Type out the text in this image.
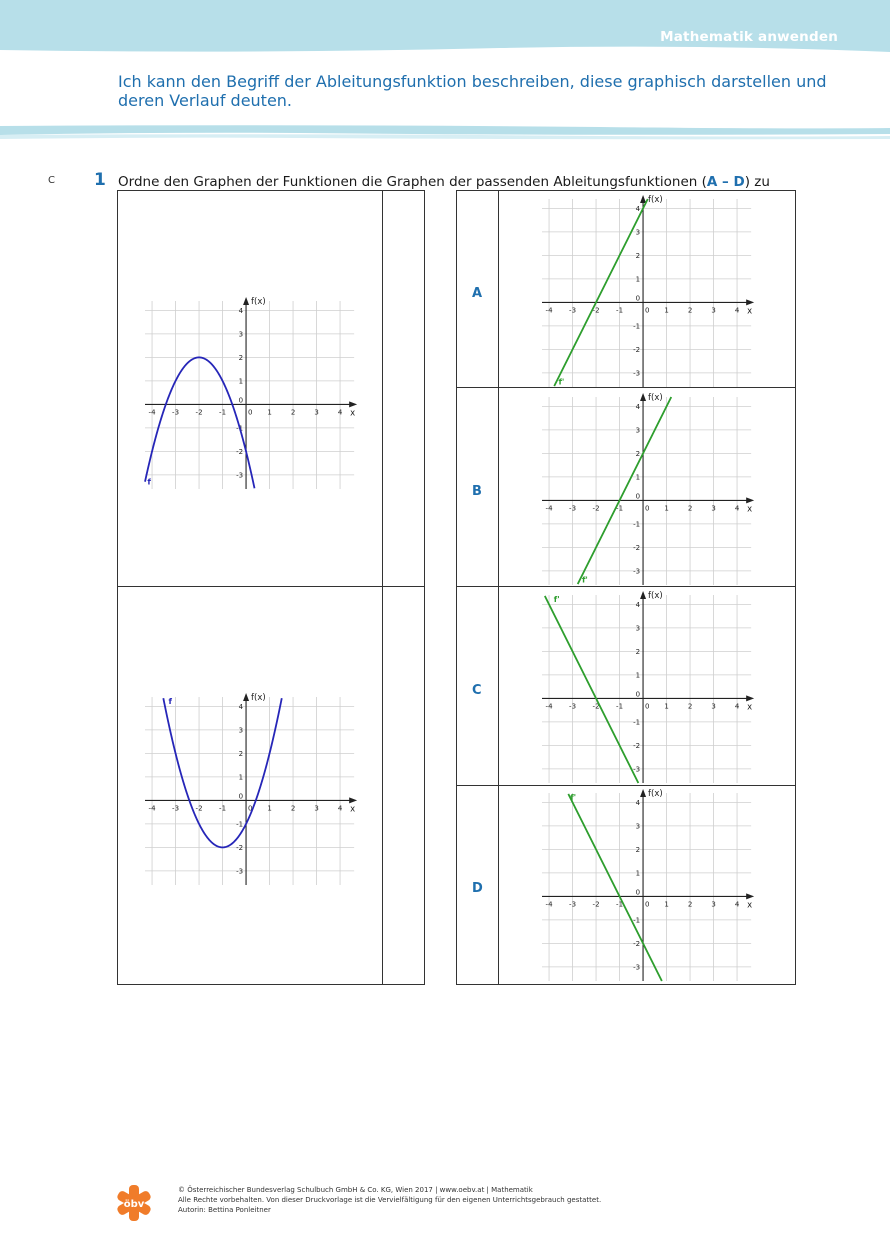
Mathematik anwenden
Ich kann den Begriff der Ableitungsfunktion beschreiben, diese graphisch darstellen und deren Verlauf deuten.
C 1 Ordne den Graphen der Funktionen die Graphen der passenden Ableitungsfunktionen (A – D) zu
A
B
C
D
-4 -3 -2 -1	0 1	2	3	4
4
3
2
1
-1
-2
-3
0
f(x)
x
f
-4 -3 -2 -1	0 1	2	3	4
4
3
2
1
-1
-2
-3
0
f(x)
x
f
-4 -3 -2 -1	0 1	2	3	4
4
3
2
1
-1
-2
-3
0
f(x)
x
f'
-4 -3 -2 -1	0 1	2	3	4
4
3
2
1
-1
-2
-3
0
f(x)
x
f'
-4 -3 -2 -1	0 1	2	3	4
4
3
2
1
-1
-2
-3
0
f(x)
x
f'
-4 -3 -2 -1	0 1	2	3	4
4
3
2
1
-1
-2
-3
0
f(x)
x
f'
öbv
© Österreichischer Bundesverlag Schulbuch GmbH & Co. KG, Wien 2017 | www.oebv.at | Mathematik
Alle Rechte vorbehalten. Von dieser Druckvorlage ist die Vervielfältigung für den eigenen Unterrichtsgebrauch gestattet.
Autorin: Bettina Ponleitner
